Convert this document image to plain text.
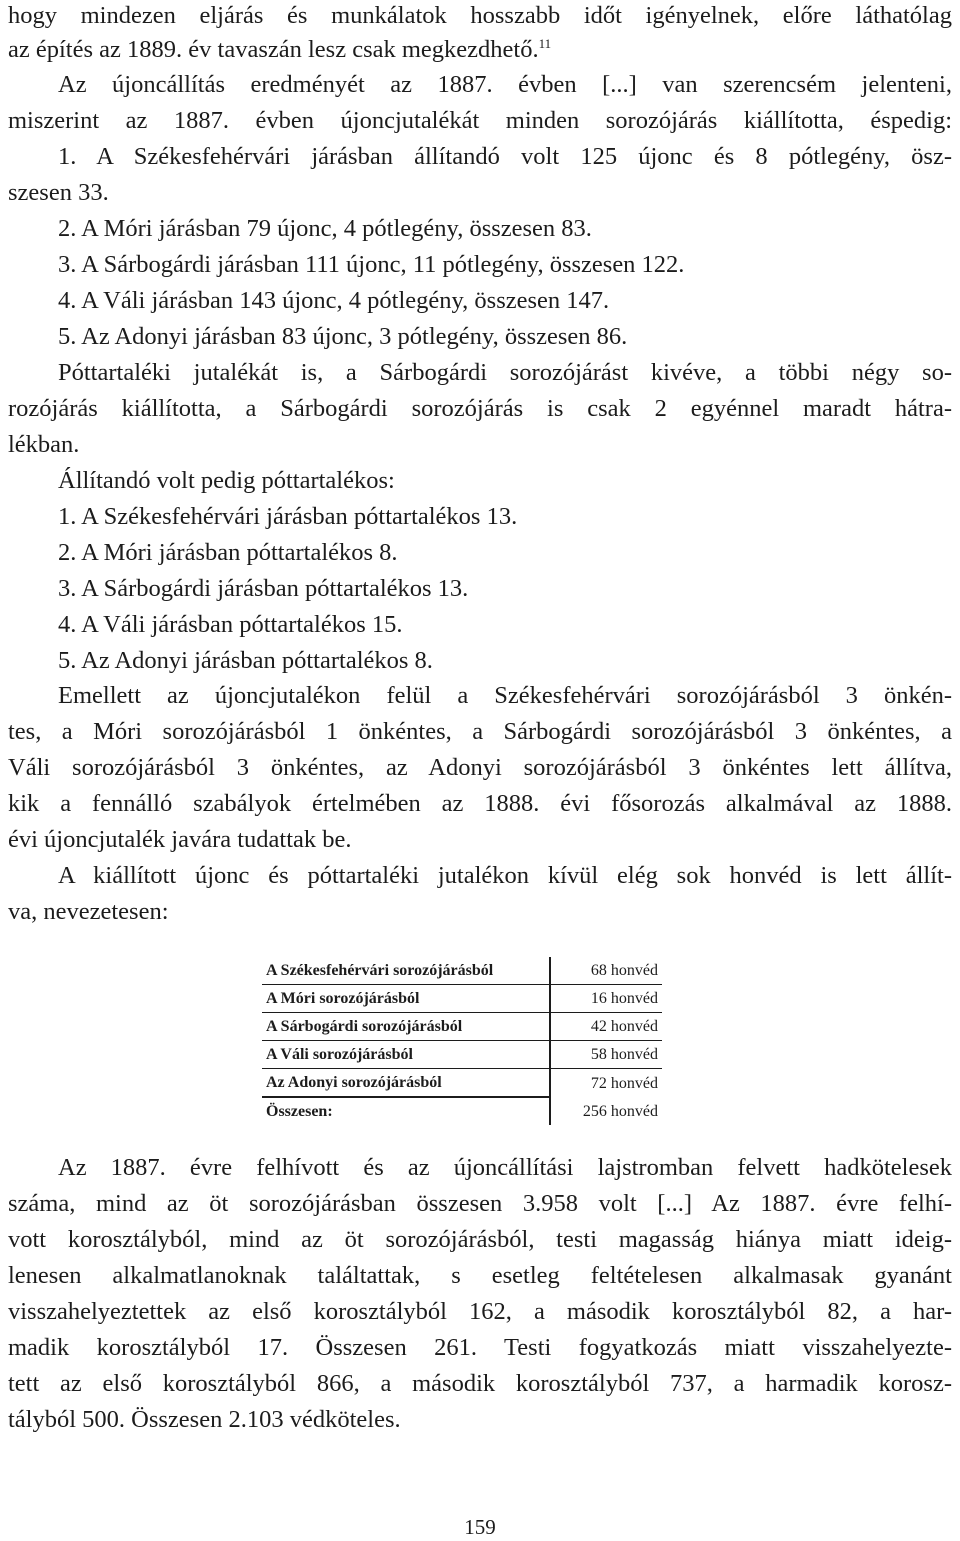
hogy mindezen eljárás és munkálatok hosszabb időt igényelnek, előre láthatólag
az építés az 1889. év tavaszán lesz csak megkezdhető.$^{11}$
Az újoncállítás eredményét az 1887. évben [...] van szerencsém jelenteni,
miszerint az 1887. évben újoncjutalékát minden sorozójárás kiállította, éspedig:
1. A Székesfehérvári járásban állítandó volt 125 újonc és 8 pótlegény, ösz-
szesen 33.
2. A Móri járásban 79 újonc, 4 pótlegény, összesen 83.
3. A Sárbogárdi járásban 111 újonc, 11 pótlegény, összesen 122.
4. A Váli járásban 143 újonc, 4 pótlegény, összesen 147.
5. Az Adonyi járásban 83 újonc, 3 pótlegény, összesen 86.
Póttartaléki jutalékát is, a Sárbogárdi sorozójárást kivéve, a többi négy so-
rozójárás kiállította, a Sárbogárdi sorozójárás is csak 2 egyénnel maradt hátra-
lékban.
Állítandó volt pedig póttartalékos:
1. A Székesfehérvári járásban póttartalékos 13.
2. A Móri járásban póttartalékos 8.
3. A Sárbogárdi járásban póttartalékos 13.
4. A Váli járásban póttartalékos 15.
5. Az Adonyi járásban póttartalékos 8.
Emellett az újoncjutalékon felül a Székesfehérvári sorozójárásból 3 önkén-
tes, a Móri sorozójárásból 1 önkéntes, a Sárbogárdi sorozójárásból 3 önkéntes, a
Váli sorozójárásból 3 önkéntes, az Adonyi sorozójárásból 3 önkéntes lett állítva,
kik a fennálló szabályok értelmében az 1888. évi fősorozás alkalmával az 1888.
évi újoncjutalék javára tudattak be.
A kiállított újonc és póttartaléki jutalékon kívül elég sok honvéd is lett állít-
va, nevezetesen:
A Székesfehérvári sorozójárásból	68 honvéd
A Móri sorozójárásból	16 honvéd
A Sárbogárdi sorozójárásból	42 honvéd
A Váli sorozójárásból	58 honvéd
Az Adonyi sorozójárásból	72 honvéd
Összesen:	256 honvéd
Az 1887. évre felhívott és az újoncállítási lajstromban felvett hadkötelesek
száma, mind az öt sorozójárásban összesen 3.958 volt [...] Az 1887. évre felhí-
vott korosztályból, mind az öt sorozójárásból, testi magasság hiánya miatt ideig-
lenesen alkalmatlanoknak találtattak, s esetleg feltételesen alkalmasak gyanánt
visszahelyeztettek az első korosztályból 162, a második korosztályból 82, a har-
madik korosztályból 17. Összesen 261. Testi fogyatkozás miatt visszahelyezte-
tett az első korosztályból 866, a második korosztályból 737, a harmadik korosz-
tályból 500. Összesen 2.103 védköteles.
159
